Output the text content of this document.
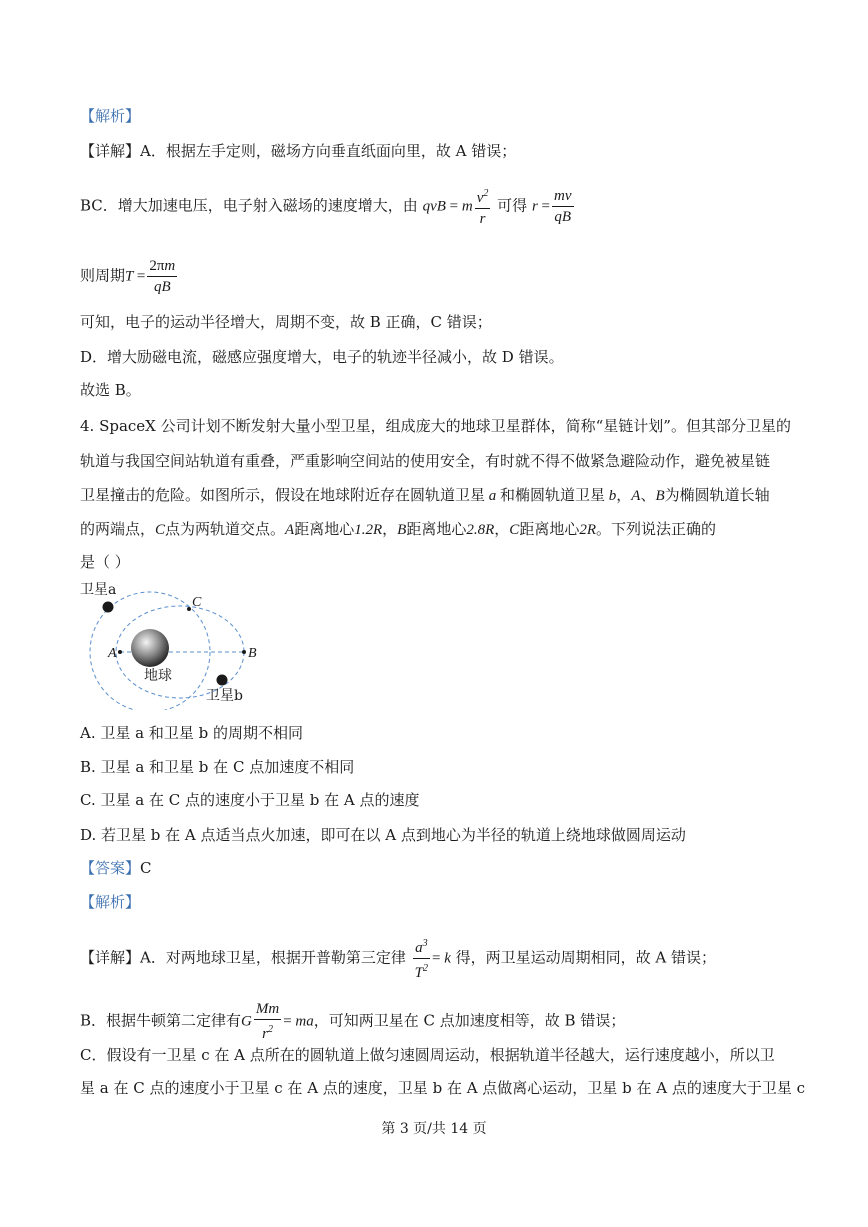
【解析】
【详解】A．根据左手定则，磁场方向垂直纸面向里，故 A 错误；
BC．增大加速电压，电子射入磁场的速度增大，由 qvB = m $\frac{v^2}{r}$ 可得 $r = \frac{mv}{qB}$
则周期$T = \frac{2\pi m}{qB}$
可知，电子的运动半径增大，周期不变，故 B 正确，C 错误；
D．增大励磁电流，磁感应强度增大，电子的轨迹半径减小，故 D 错误。
故选 B。
4. SpaceX 公司计划不断发射大量小型卫星，组成庞大的地球卫星群体，简称“星链计划”。但其部分卫星的
轨道与我国空间站轨道有重叠，严重影响空间站的使用安全，有时就不得不做紧急避险动作，避免被星链
卫星撞击的危险。如图所示，假设在地球附近存在圆轨道卫星 a 和椭圆轨道卫星 b，A、B为椭圆轨道长轴
的两端点，C点为两轨道交点。A距离地心1.2R，B距离地心2.8R，C距离地心2R。下列说法正确的
是（ ）
卫星a
C
A	B
地球
卫星b
A. 卫星 a 和卫星 b 的周期不相同
B. 卫星 a 和卫星 b 在 C 点加速度不相同
C. 卫星 a 在 C 点的速度小于卫星 b 在 A 点的速度
D. 若卫星 b 在 A 点适当点火加速，即可在以 A 点到地心为半径的轨道上绕地球做圆周运动
【答案】C
【解析】
【详解】A．对两地球卫星，根据开普勒第三定律 $\frac{a^3}{T^2} = k$ 得，两卫星运动周期相同，故 A 错误；
B．根据牛顿第二定律有G $\frac{Mm}{r^2}$ = ma，可知两卫星在 C 点加速度相等，故 B 错误；
C．假设有一卫星 c 在 A 点所在的圆轨道上做匀速圆周运动，根据轨道半径越大，运行速度越小，所以卫
星 a 在 C 点的速度小于卫星 c 在 A 点的速度，卫星 b 在 A 点做离心运动，卫星 b 在 A 点的速度大于卫星 c
第 3 页/共 14 页
